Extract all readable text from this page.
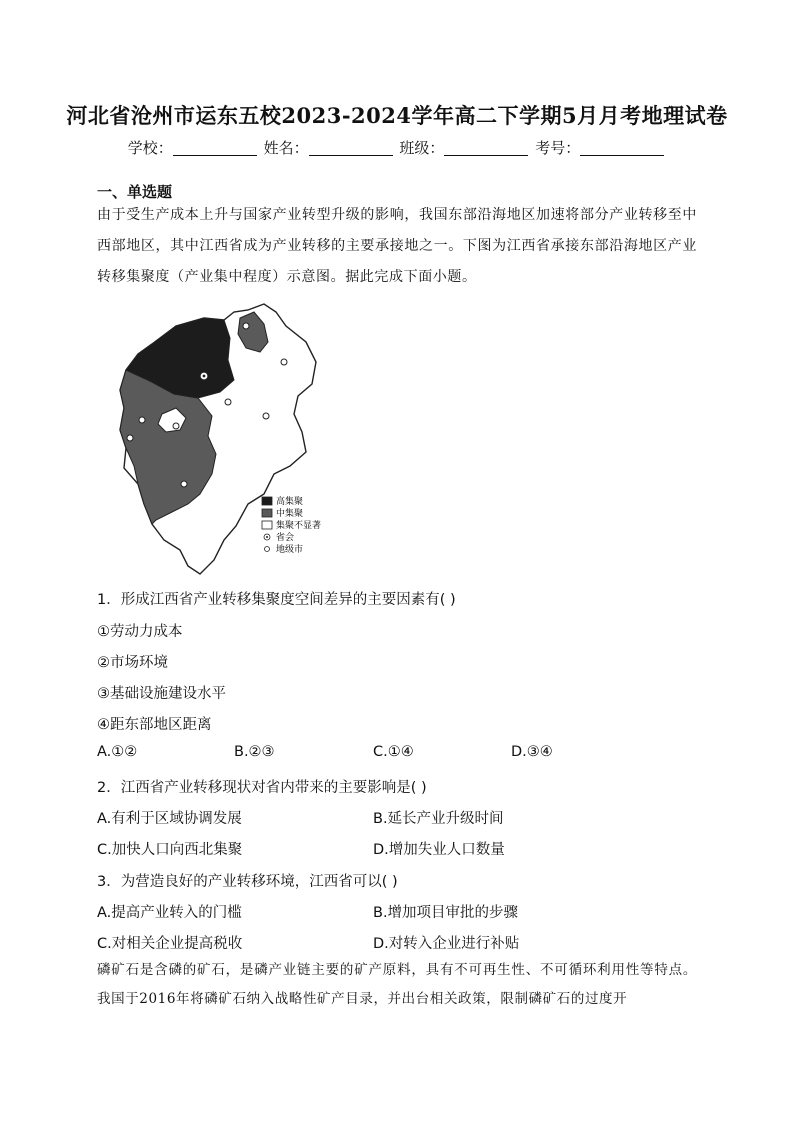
河北省沧州市运东五校2023-2024学年高二下学期5月月考地理试卷
学校：	姓名：	班级：	考号：
一、单选题
由于受生产成本上升与国家产业转型升级的影响，我国东部沿海地区加速将部分产业转移至中西部地区，其中江西省成为产业转移的主要承接地之一。下图为江西省承接东部沿海地区产业转移集聚度（产业集中程度）示意图。据此完成下面小题。
高集聚
中集聚
集聚不显著
省会
地级市
1．形成江西省产业转移集聚度空间差异的主要因素有( )
①劳动力成本
②市场环境
③基础设施建设水平
④距东部地区距离
A.①②	B.②③	C.①④	D.③④
2．江西省产业转移现状对省内带来的主要影响是( )
A.有利于区域协调发展	B.延长产业升级时间
C.加快人口向西北集聚	D.增加失业人口数量
3．为营造良好的产业转移环境，江西省可以( )
A.提高产业转入的门槛	B.增加项目审批的步骤
C.对相关企业提高税收	D.对转入企业进行补贴
磷矿石是含磷的矿石，是磷产业链主要的矿产原料，具有不可再生性、不可循环利用性等特点。我国于2016年将磷矿石纳入战略性矿产目录，并出台相关政策，限制磷矿石的过度开
